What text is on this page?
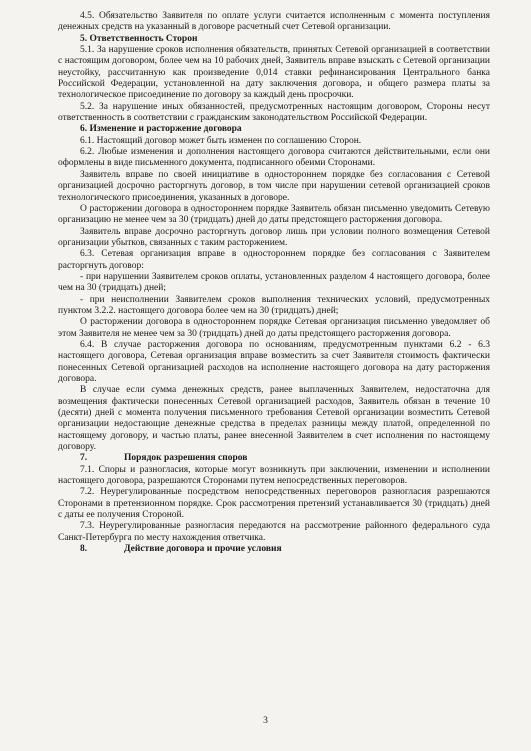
4.5. Обязательство Заявителя по оплате услуги считается исполненным с момента поступления денежных средств на указанный в договоре расчетный счет Сетевой организации.

5. Ответственность Сторон

5.1. За нарушение сроков исполнения обязательств, принятых Сетевой организацией в соответствии с настоящим договором, более чем на 10 рабочих дней, Заявитель вправе взыскать с Сетевой организации неустойку, рассчитанную как произведение 0,014 ставки рефинансирования Центрального банка Российской Федерации, установленной на дату заключения договора, и общего размера платы за технологическое присоединение по договору за каждый день просрочки.

5.2. За нарушение иных обязанностей, предусмотренных настоящим договором, Стороны несут ответственность в соответствии с гражданским законодательством Российской Федерации.

6. Изменение и расторжение договора

6.1. Настоящий договор может быть изменен по соглашению Сторон.

6.2. Любые изменения и дополнения настоящего договора считаются действительными, если они оформлены в виде письменного документа, подписанного обеими Сторонами.

Заявитель вправе по своей инициативе в одностороннем порядке без согласования с Сетевой организацией досрочно расторгнуть договор, в том числе при нарушении сетевой организацией сроков технологического присоединения, указанных в договоре.

О расторжении договора в одностороннем порядке Заявитель обязан письменно уведомить Сетевую организацию не менее чем за 30 (тридцать) дней до даты предстоящего расторжения договора.

Заявитель вправе досрочно расторгнуть договор лишь при условии полного возмещения Сетевой организации убытков, связанных с таким расторжением.

6.3. Сетевая организация вправе в одностороннем порядке без согласования с Заявителем расторгнуть договор:

- при нарушении Заявителем сроков оплаты, установленных разделом 4 настоящего договора, более чем на 30 (тридцать) дней;

- при неисполнении Заявителем сроков выполнения технических условий, предусмотренных пунктом 3.2.2. настоящего договора более чем на 30 (тридцать) дней;

О расторжении договора в одностороннем порядке Сетевая организация письменно уведомляет об этом Заявителя не менее чем за 30 (тридцать) дней до даты предстоящего расторжения договора.

6.4. В случае расторжения договора по основаниям, предусмотренным пунктами 6.2 - 6.3 настоящего договора, Сетевая организация вправе возместить за счет Заявителя стоимость фактически понесенных Сетевой организацией расходов на исполнение настоящего договора на дату расторжения договора.

В случае если сумма денежных средств, ранее выплаченных Заявителем, недостаточна для возмещения фактически понесенных Сетевой организацией расходов, Заявитель обязан в течение 10 (десяти) дней с момента получения письменного требования Сетевой организации возместить Сетевой организации недостающие денежные средства в пределах разницы между платой, определенной по настоящему договору, и частью платы, ранее внесенной Заявителем в счет исполнения по настоящему договору.

7.	Порядок разрешения споров

7.1. Споры и разногласия, которые могут возникнуть при заключении, изменении и исполнении настоящего договора, разрешаются Сторонами путем непосредственных переговоров.

7.2. Неурегулированные посредством непосредственных переговоров разногласия разрешаются Сторонами в претензионном порядке. Срок рассмотрения претензий устанавливается 30 (тридцать) дней с даты ее получения Стороной.

7.3. Неурегулированные разногласия передаются на рассмотрение районного федерального суда Санкт-Петербурга по месту нахождения ответчика.

8.	Действие договора и прочие условия
3
